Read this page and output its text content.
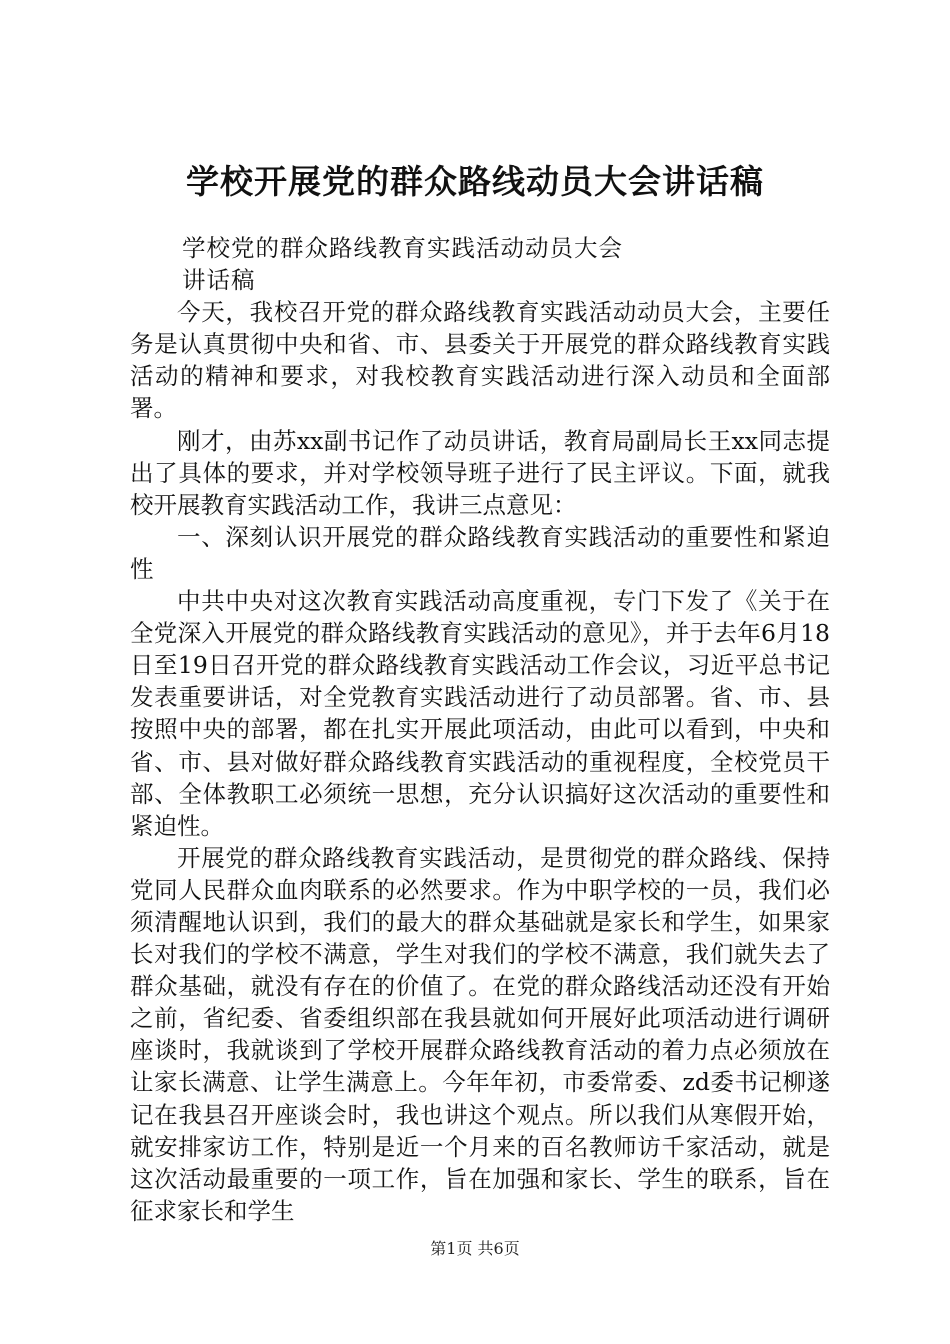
学校开展党的群众路线动员大会讲话稿

学校党的群众路线教育实践活动动员大会讲话稿

今天，我校召开党的群众路线教育实践活动动员大会，主要任务是认真贯彻中央和省、市、县委关于开展党的群众路线教育实践活动的精神和要求，对我校教育实践活动进行深入动员和全面部署。

刚才，由苏xx副书记作了动员讲话，教育局副局长王xx同志提出了具体的要求，并对学校领导班子进行了民主评议。下面，就我校开展教育实践活动工作，我讲三点意见：

一、深刻认识开展党的群众路线教育实践活动的重要性和紧迫性

中共中央对这次教育实践活动高度重视，专门下发了《关于在全党深入开展党的群众路线教育实践活动的意见》，并于去年6月18日至19日召开党的群众路线教育实践活动工作会议，习近平总书记发表重要讲话，对全党教育实践活动进行了动员部署。省、市、县按照中央的部署，都在扎实开展此项活动，由此可以看到，中央和省、市、县对做好群众路线教育实践活动的重视程度，全校党员干部、全体教职工必须统一思想，充分认识搞好这次活动的重要性和紧迫性。

开展党的群众路线教育实践活动，是贯彻党的群众路线、保持党同人民群众血肉联系的必然要求。作为中职学校的一员，我们必须清醒地认识到，我们的最大的群众基础就是家长和学生，如果家长对我们的学校不满意，学生对我们的学校不满意，我们就失去了群众基础，就没有存在的价值了。在党的群众路线活动还没有开始之前，省纪委、省委组织部在我县就如何开展好此项活动进行调研座谈时，我就谈到了学校开展群众路线教育活动的着力点必须放在让家长满意、让学生满意上。今年年初，市委常委、zd委书记柳遂记在我县召开座谈会时，我也讲这个观点。所以我们从寒假开始，就安排家访工作，特别是近一个月来的百名教师访千家活动，就是这次活动最重要的一项工作，旨在加强和家长、学生的联系，旨在征求家长和学生

第1页 共6页
